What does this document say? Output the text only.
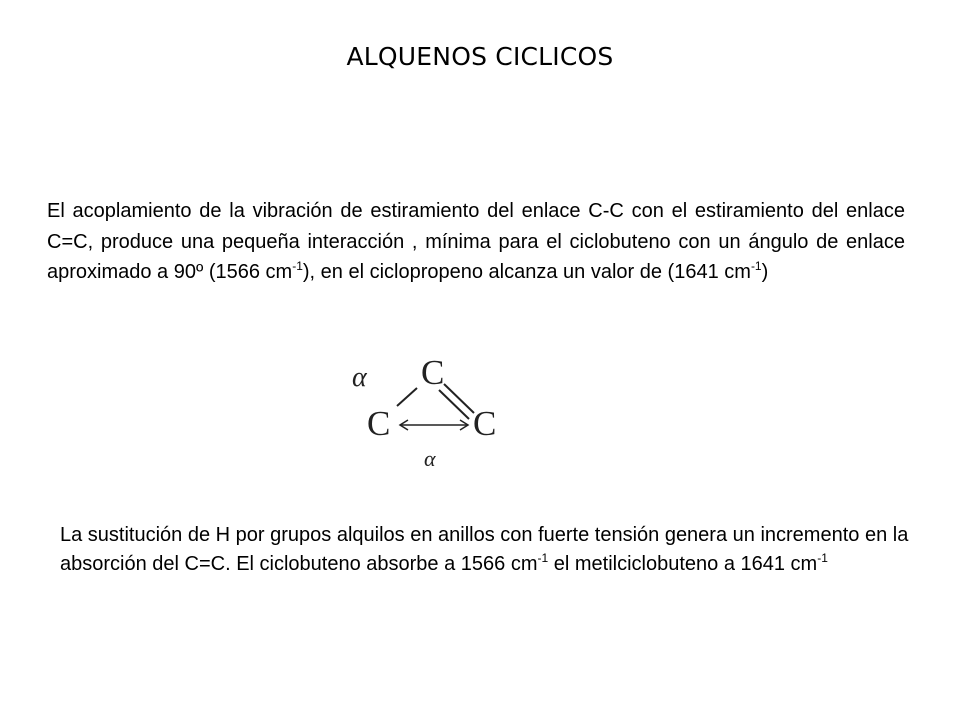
ALQUENOS CICLICOS
El acoplamiento de la vibración de estiramiento del enlace C-C con el estiramiento del enlace C=C, produce una pequeña interacción , mínima para el ciclobuteno con un ángulo de enlace aproximado a 90º (1566 $cm^{-1}$), en el ciclopropeno alcanza un valor de (1641 $cm^{-1}$)
α C
C C
α
La sustitución de H por grupos alquilos en anillos con fuerte tensión genera un incremento en la absorción del C=C. El ciclobuteno absorbe a 1566 $cm^{-1}$ el metilciclobuteno a 1641 $cm^{-1}$
